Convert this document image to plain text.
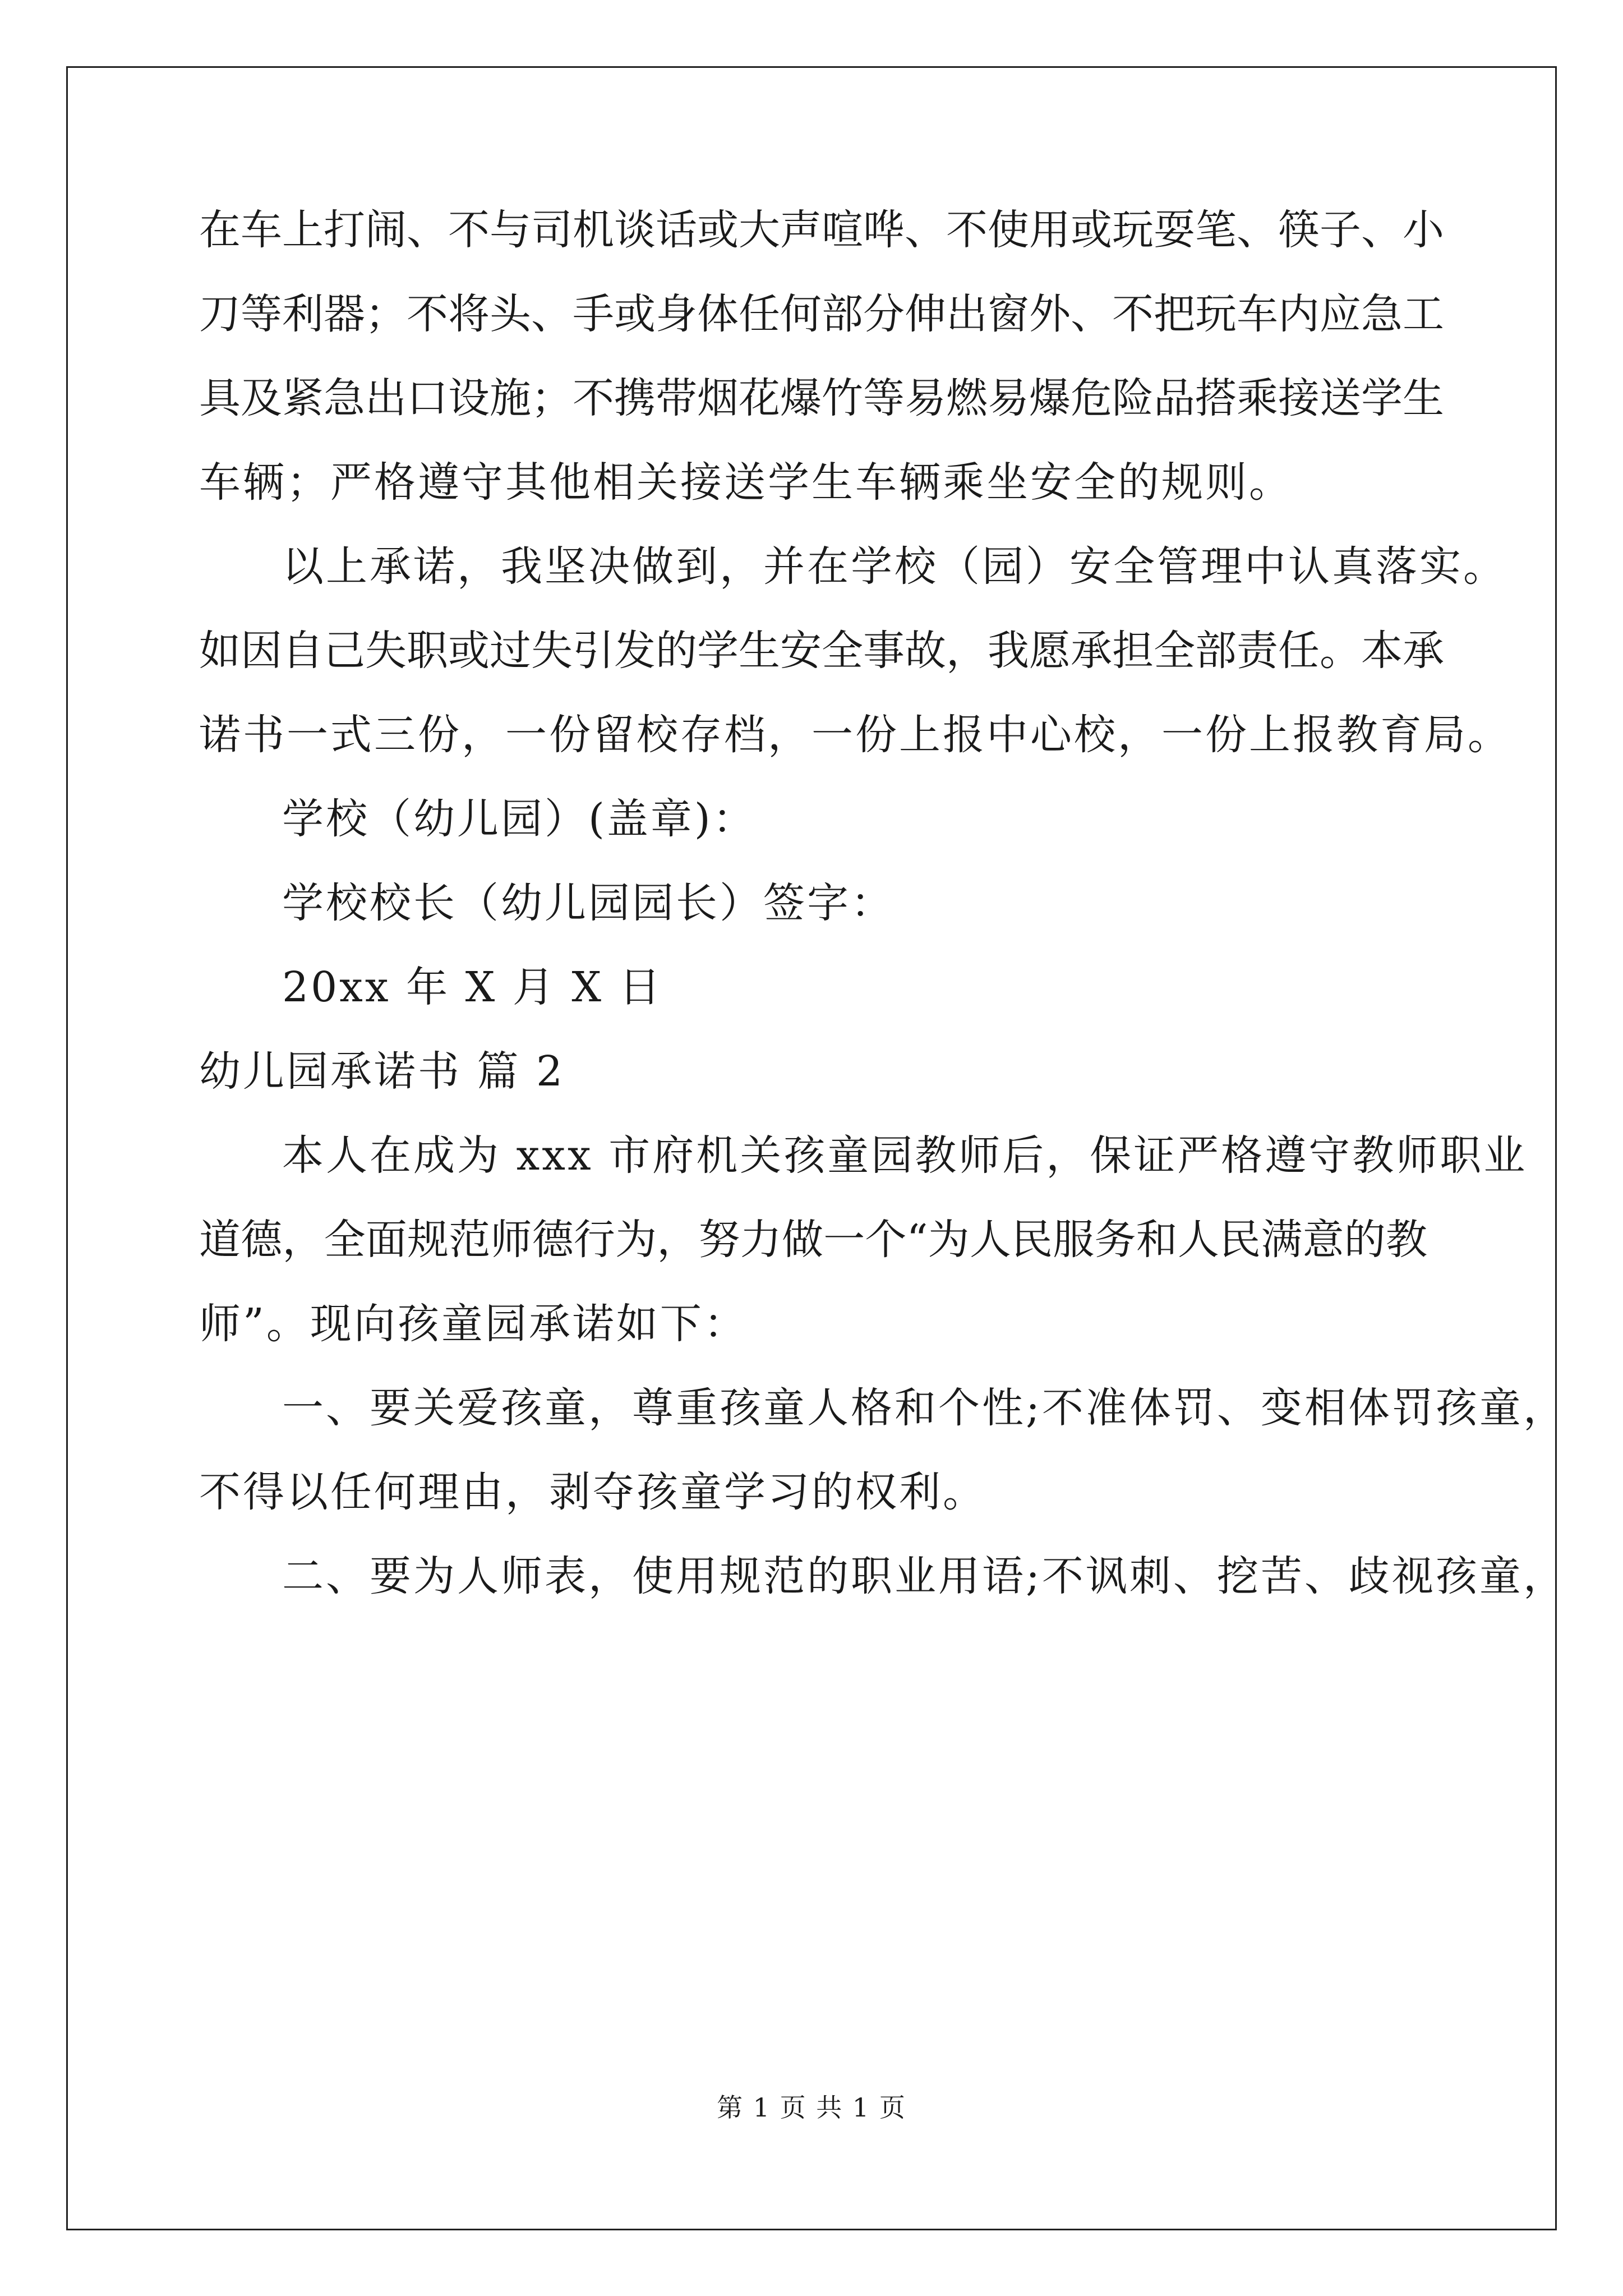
在车上打闹、不与司机谈话或大声喧哗、不使用或玩耍笔、筷子、小
刀等利器；不将头、手或身体任何部分伸出窗外、不把玩车内应急工
具及紧急出口设施；不携带烟花爆竹等易燃易爆危险品搭乘接送学生
车辆；严格遵守其他相关接送学生车辆乘坐安全的规则。
以上承诺，我坚决做到，并在学校（园）安全管理中认真落实。
如因自己失职或过失引发的学生安全事故，我愿承担全部责任。本承
诺书一式三份，一份留校存档，一份上报中心校，一份上报教育局。
学校（幼儿园）(盖章)：
学校校长（幼儿园园长）签字：
20xx 年 X 月 X 日
幼儿园承诺书 篇 2
本人在成为 xxx 市府机关孩童园教师后，保证严格遵守教师职业
道德，全面规范师德行为，努力做一个“为人民服务和人民满意的教
师”。现向孩童园承诺如下：
一、要关爱孩童，尊重孩童人格和个性;不准体罚、变相体罚孩童，
不得以任何理由，剥夺孩童学习的权利。
二、要为人师表，使用规范的职业用语;不讽刺、挖苦、歧视孩童，
第 1 页 共 1 页
